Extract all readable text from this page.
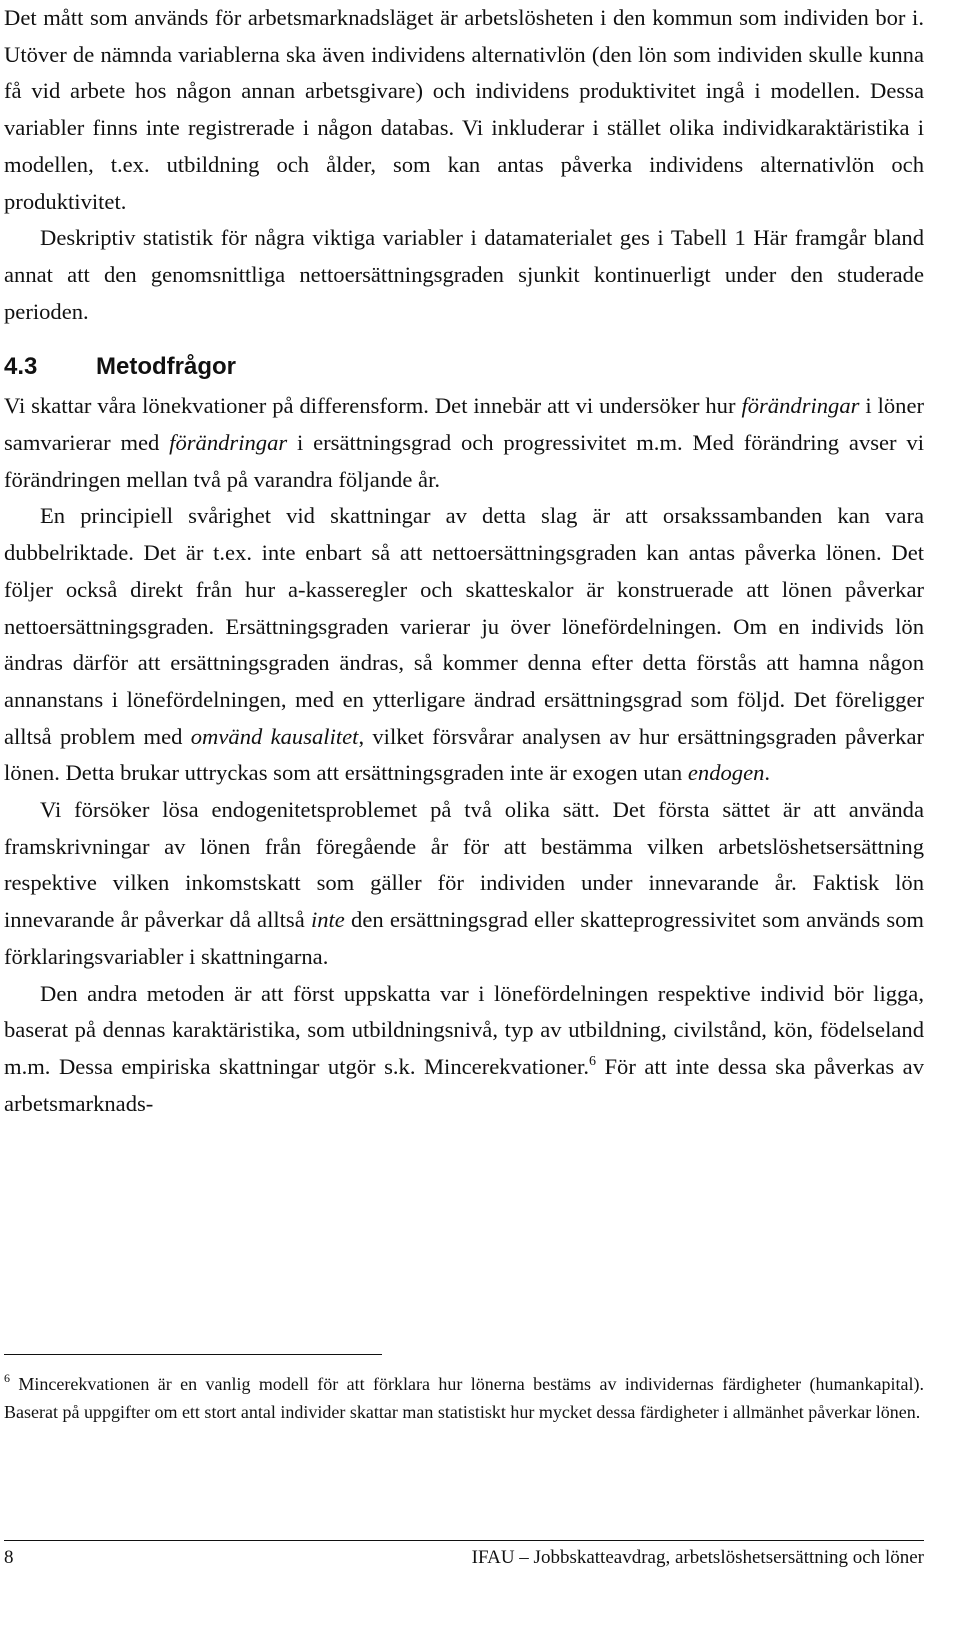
Det mått som används för arbetsmarknadsläget är arbetslösheten i den kommun som individen bor i. Utöver de nämnda variablerna ska även individens alternativlön (den lön som individen skulle kunna få vid arbete hos någon annan arbetsgivare) och individens produktivitet ingå i modellen. Dessa variabler finns inte registrerade i någon databas. Vi inkluderar i stället olika individkaraktäristika i modellen, t.ex. utbildning och ålder, som kan antas påverka individens alternativlön och produktivitet.

Deskriptiv statistik för några viktiga variabler i datamaterialet ges i Tabell 1 Här framgår bland annat att den genomsnittliga nettoersättningsgraden sjunkit kontinuerligt under den studerade perioden.

4.3 Metodfrågor

Vi skattar våra lönekvationer på differensform. Det innebär att vi undersöker hur förändringar i löner samvarierar med förändringar i ersättningsgrad och progressivitet m.m. Med förändring avser vi förändringen mellan två på varandra följande år.

En principiell svårighet vid skattningar av detta slag är att orsakssambanden kan vara dubbelriktade. Det är t.ex. inte enbart så att nettoersättningsgraden kan antas påverka lönen. Det följer också direkt från hur a-kasseregler och skatteskalor är konstruerade att lönen påverkar nettoersättningsgraden. Ersättningsgraden varierar ju över lönefördelningen. Om en individs lön ändras därför att ersättningsgraden ändras, så kommer denna efter detta förstås att hamna någon annanstans i lönefördelningen, med en ytterligare ändrad ersättningsgrad som följd. Det föreligger alltså problem med omvänd kausalitet, vilket försvårar analysen av hur ersättningsgraden påverkar lönen. Detta brukar uttryckas som att ersättningsgraden inte är exogen utan endogen.

Vi försöker lösa endogenitetsproblemet på två olika sätt. Det första sättet är att använda framskrivningar av lönen från föregående år för att bestämma vilken arbetslöshetsersättning respektive vilken inkomstskatt som gäller för individen under innevarande år. Faktisk lön innevarande år påverkar då alltså inte den ersättningsgrad eller skatteprogressivitet som används som förklaringsvariabler i skattningarna.

Den andra metoden är att först uppskatta var i lönefördelningen respektive individ bör ligga, baserat på dennas karaktäristika, som utbildningsnivå, typ av utbildning, civilstånd, kön, födelseland m.m. Dessa empiriska skattningar utgör s.k. Mincerekvationer.$^6$ För att inte dessa ska påverkas av arbetsmarknads-

$^6$ Mincerekvationen är en vanlig modell för att förklara hur lönerna bestäms av individernas färdigheter (humankapital). Baserat på uppgifter om ett stort antal individer skattar man statistiskt hur mycket dessa färdigheter i allmänhet påverkar lönen.
8	IFAU – Jobbskatteavdrag, arbetslöshetsersättning och löner
